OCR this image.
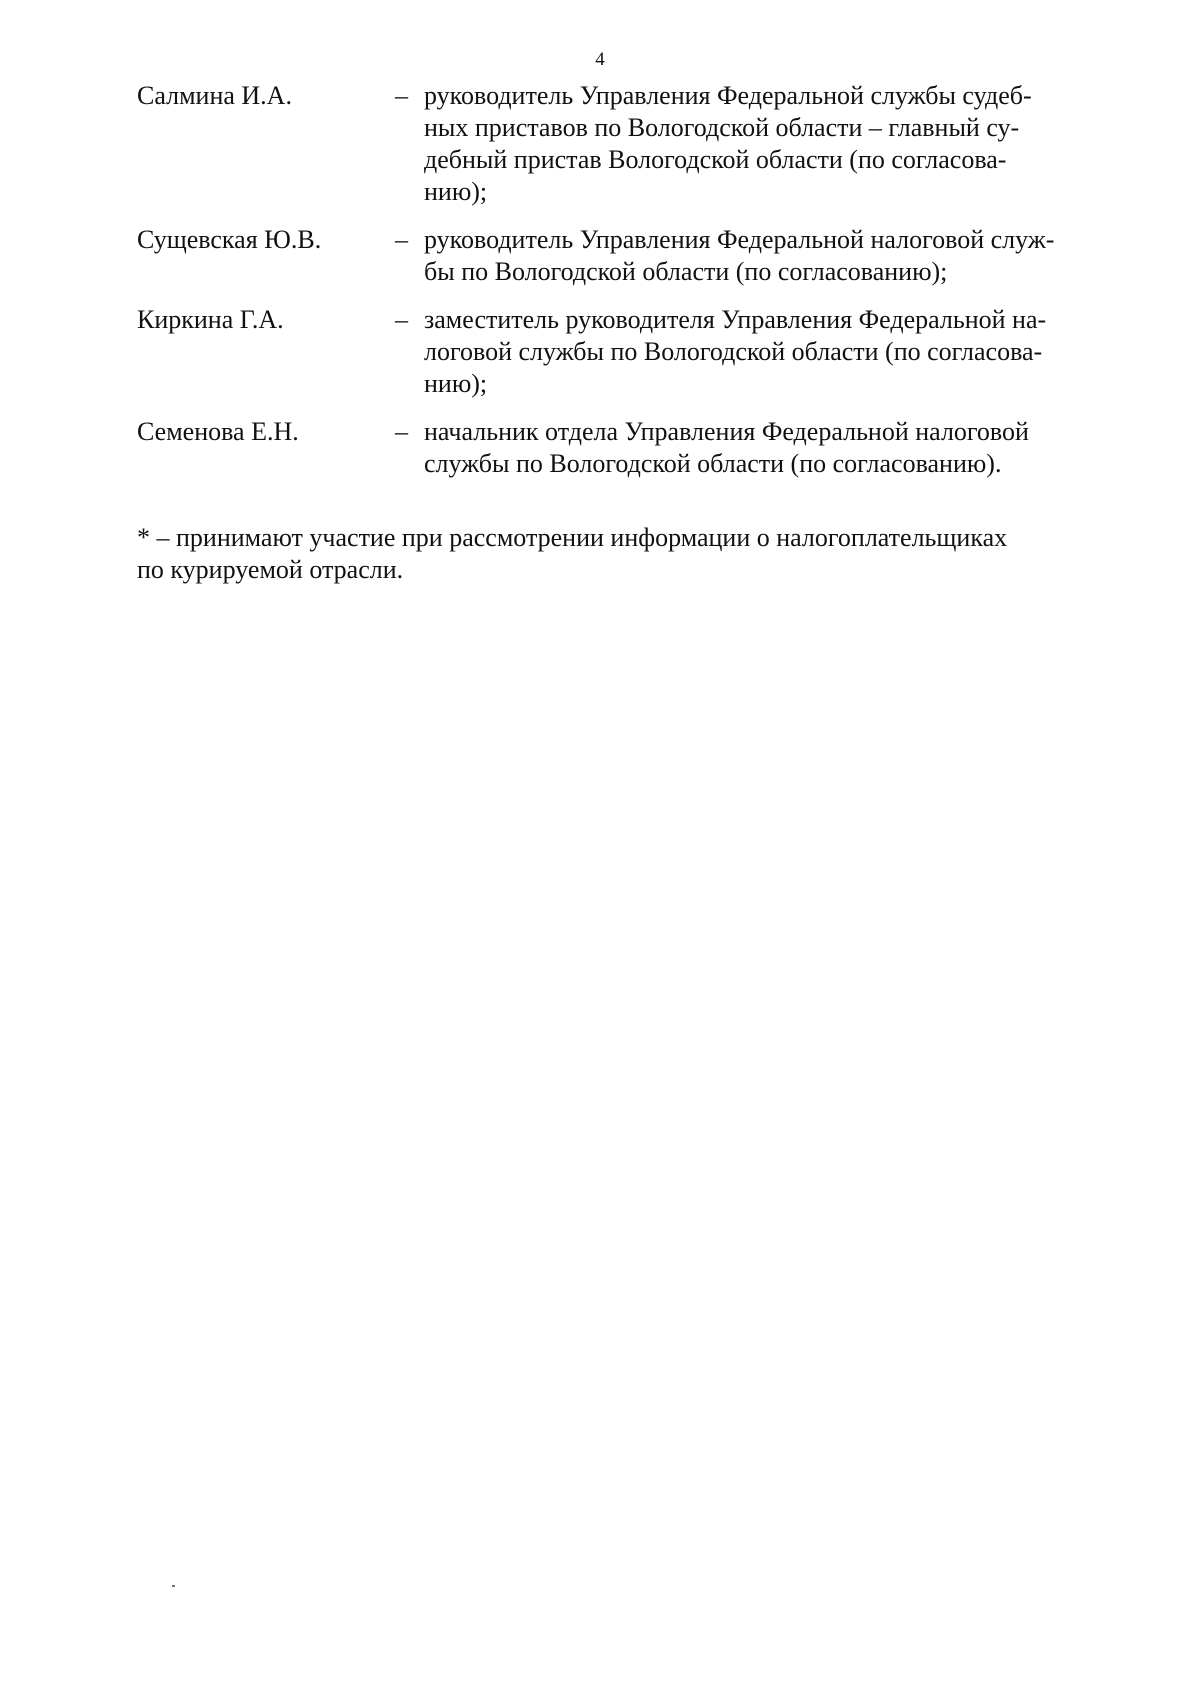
4
Салмина И.А.	– руководитель Управления Федеральной службы судеб-
ных приставов по Вологодской области – главный су-
дебный пристав Вологодской области (по согласова-
нию);
Сущевская Ю.В.	– руководитель Управления Федеральной налоговой служ-
бы по Вологодской области (по согласованию);
Киркина Г.А.	– заместитель руководителя Управления Федеральной на-
логовой службы по Вологодской области (по согласова-
нию);
Семенова Е.Н.	– начальник отдела Управления Федеральной налоговой
службы по Вологодской области (по согласованию).
* – принимают участие при рассмотрении информации о налогоплательщиках
по курируемой отрасли.
